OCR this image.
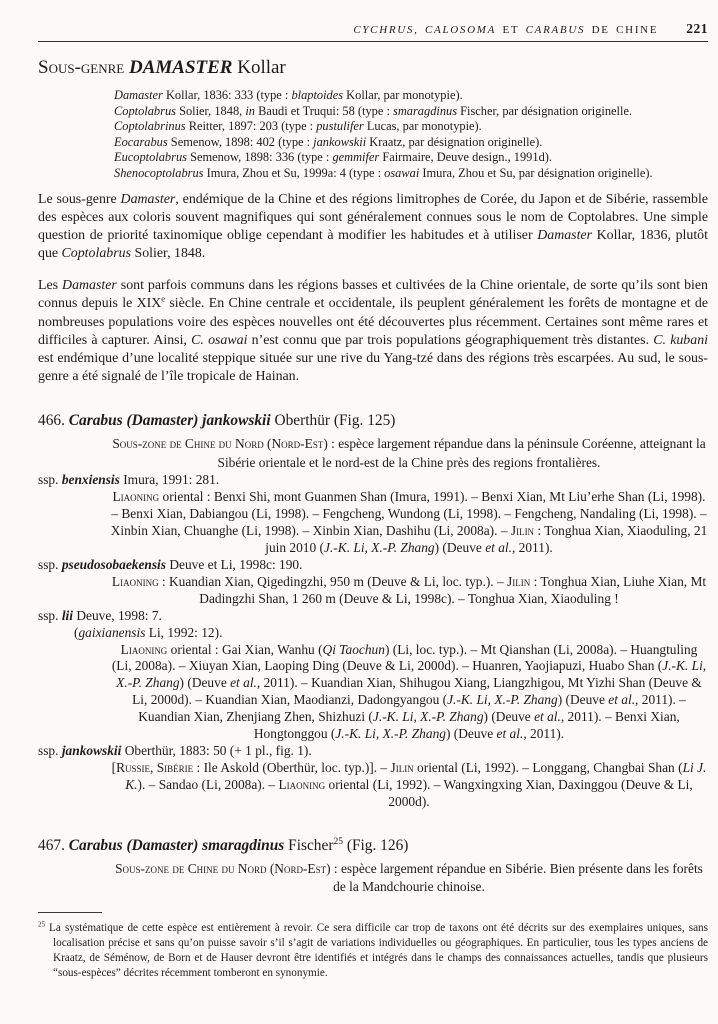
CYCHRUS, CALOSOMA ET CARABUS DE CHINE 221
Sous-genre DAMASTER Kollar
Damaster Kollar, 1836: 333 (type : blaptoides Kollar, par monotypie).
Coptolabrus Solier, 1848, in Baudi et Truqui: 58 (type : smaragdinus Fischer, par désignation originelle.
Coptolabrinus Reitter, 1897: 203 (type : pustulifer Lucas, par monotypie).
Eocarabus Semenow, 1898: 402 (type : jankowskii Kraatz, par désignation originelle).
Eucoptolabrus Semenow, 1898: 336 (type : gemmifer Fairmaire, Deuve design., 1991d).
Shenocoptolabrus Imura, Zhou et Su, 1999a: 4 (type : osawai Imura, Zhou et Su, par désignation originelle).

Le sous-genre Damaster, endémique de la Chine et des régions limitrophes de Corée, du Japon et de Sibérie, rassemble des espèces aux coloris souvent magnifiques qui sont généralement connues sous le nom de Coptolabres. Une simple question de priorité taxinomique oblige cependant à modifier les habitudes et à utiliser Damaster Kollar, 1836, plutôt que Coptolabrus Solier, 1848.

Les Damaster sont parfois communs dans les régions basses et cultivées de la Chine orientale, de sorte qu’ils sont bien connus depuis le XIXe siècle. En Chine centrale et occidentale, ils peuplent généralement les forêts de montagne et de nombreuses populations voire des espèces nouvelles ont été découvertes plus récemment. Certaines sont même rares et difficiles à capturer. Ainsi, C. osawai n’est connu que par trois populations géographiquement très distantes. C. kubani est endémique d’une localité steppique située sur une rive du Yang-tzé dans des régions très escarpées. Au sud, le sous-genre a été signalé de l’île tropicale de Hainan.

466. Carabus (Damaster) jankowskii Oberthür (Fig. 125)
Sous-zone de Chine du Nord (Nord-Est) : espèce largement répandue dans la péninsule Coréenne, atteignant la Sibérie orientale et le nord-est de la Chine près des regions frontalières.
ssp. benxiensis Imura, 1991: 281.
Liaoning oriental : Benxi Shi, mont Guanmen Shan (Imura, 1991). – Benxi Xian, Mt Liu’erhe Shan (Li, 1998). – Benxi Xian, Dabiangou (Li, 1998). – Fengcheng, Wundong (Li, 1998). – Fengcheng, Nandaling (Li, 1998). – Xinbin Xian, Chuanghe (Li, 1998). – Xinbin Xian, Dashihu (Li, 2008a). – Jilin : Tonghua Xian, Xiaoduling, 21 juin 2010 (J.-K. Li, X.-P. Zhang) (Deuve et al., 2011).
ssp. pseudosobaekensis Deuve et Li, 1998c: 190.
Liaoning : Kuandian Xian, Qigedingzhi, 950 m (Deuve & Li, loc. typ.). – Jilin : Tonghua Xian, Liuhe Xian, Mt Dadingzhi Shan, 1 260 m (Deuve & Li, 1998c). – Tonghua Xian, Xiaoduling !
ssp. lii Deuve, 1998: 7.
(gaixianensis Li, 1992: 12).
Liaoning oriental : Gai Xian, Wanhu (Qi Taochun) (Li, loc. typ.). – Mt Qianshan (Li, 2008a). – Huangtuling (Li, 2008a). – Xiuyan Xian, Laoping Ding (Deuve & Li, 2000d). – Huanren, Yaojiapuzi, Huabo Shan (J.-K. Li, X.-P. Zhang) (Deuve et al., 2011). – Kuandian Xian, Shihugou Xiang, Liangzhigou, Mt Yizhi Shan (Deuve & Li, 2000d). – Kuandian Xian, Maodianzi, Dadongyangou (J.-K. Li, X.-P. Zhang) (Deuve et al., 2011). – Kuandian Xian, Zhenjiang Zhen, Shizhuzi (J.-K. Li, X.-P. Zhang) (Deuve et al., 2011). – Benxi Xian, Hongtonggou (J.-K. Li, X.-P. Zhang) (Deuve et al., 2011).
ssp. jankowskii Oberthür, 1883: 50 (+ 1 pl., fig. 1).
[Russie, Sibérie : Ile Askold (Oberthür, loc. typ.)]. – Jilin oriental (Li, 1992). – Longgang, Changbai Shan (Li J. K.). – Sandao (Li, 2008a). – Liaoning oriental (Li, 1992). – Wangxingxing Xian, Daxinggou (Deuve & Li, 2000d).
467. Carabus (Damaster) smaragdinus Fischer$^{25}$ (Fig. 126)
Sous-zone de Chine du Nord (Nord-Est) : espèce largement répandue en Sibérie. Bien présente dans les forêts de la Mandchourie chinoise.
$^{25}$ La systématique de cette espèce est entièrement à revoir. Ce sera difficile car trop de taxons ont été décrits sur des exemplaires uniques, sans localisation précise et sans qu’on puisse savoir s’il s’agit de variations individuelles ou géographiques. En particulier, tous les types anciens de Kraatz, de Séménow, de Born et de Hauser devront être identifiés et intégrés dans le champs des connaissances actuelles, tandis que plusieurs “sous-espèces” décrites récemment tomberont en synonymie.
